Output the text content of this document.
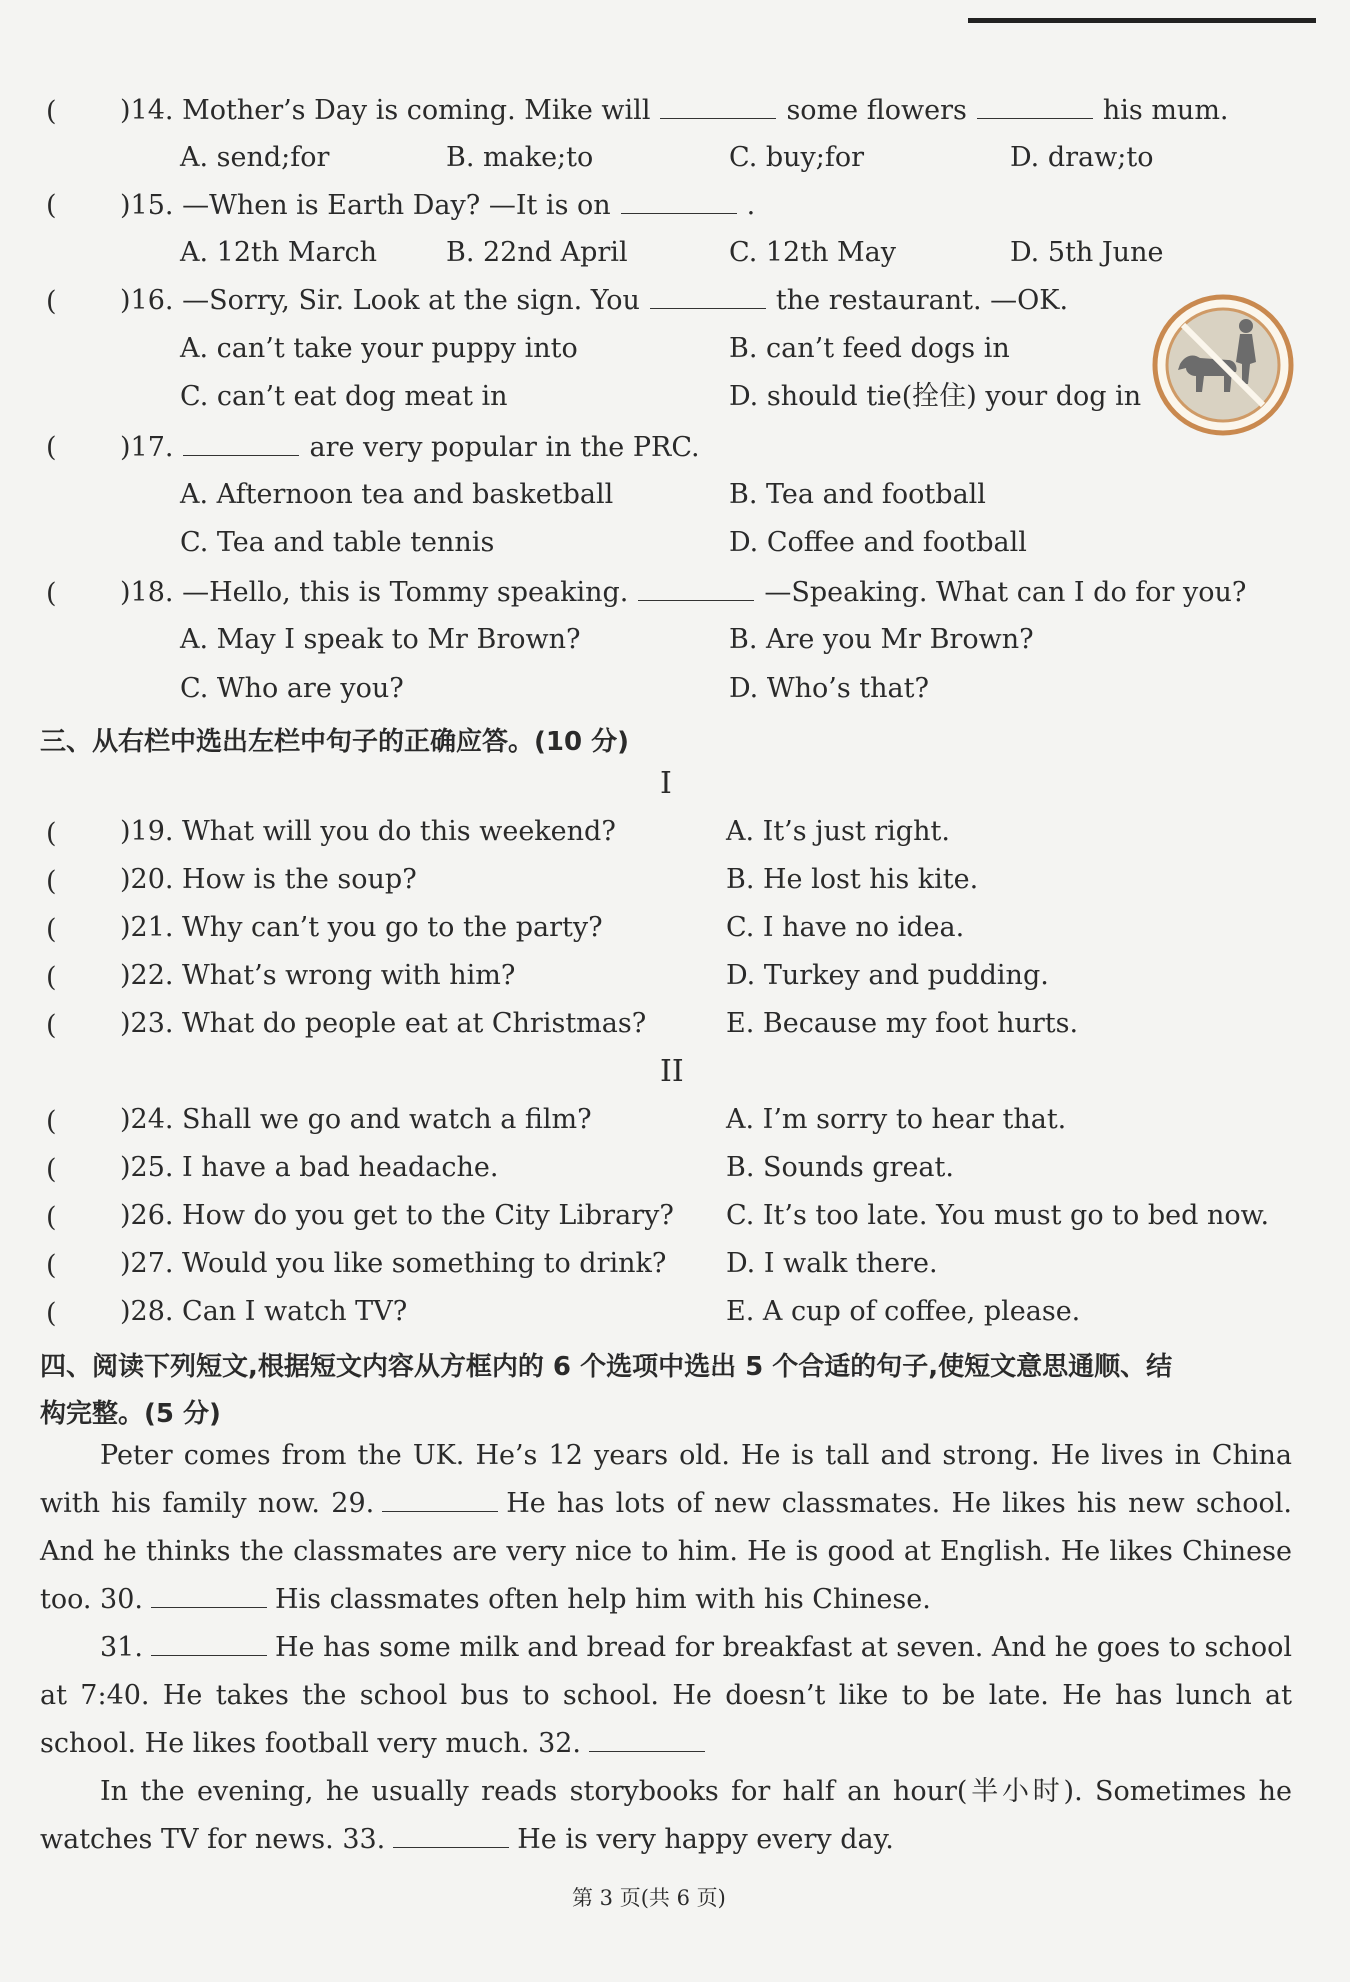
( )14. Mother’s Day is coming. Mike will	some flowers	his mum.
A. send;for	B. make;to	C. buy;for	D. draw;to
( )15. —When is Earth Day? —It is on	.
A. 12th March	B. 22nd April	C. 12th May	D. 5th June
( )16. —Sorry, Sir. Look at the sign. You	the restaurant. —OK.
A. can’t take your puppy into	B. can’t feed dogs in
C. can’t eat dog meat in	D. should tie(拴住) your dog in
( )17.	are very popular in the PRC.
A. Afternoon tea and basketball	B. Tea and football
C. Tea and table tennis	D. Coffee and football
( )18. —Hello, this is Tommy speaking.	—Speaking. What can I do for you?
A. May I speak to Mr Brown?	B. Are you Mr Brown?
C. Who are you?	D. Who’s that?
三、从右栏中选出左栏中句子的正确应答。(10 分)
I
( )19. What will you do this weekend?	A. It’s just right.
( )20. How is the soup?	B. He lost his kite.
( )21. Why can’t you go to the party?	C. I have no idea.
( )22. What’s wrong with him?	D. Turkey and pudding.
( )23. What do people eat at Christmas?	E. Because my foot hurts.
II
( )24. Shall we go and watch a film?	A. I’m sorry to hear that.
( )25. I have a bad headache.	B. Sounds great.
( )26. How do you get to the City Library? C. It’s too late. You must go to bed now.
( )27. Would you like something to drink? D. I walk there.
( )28. Can I watch TV?	E. A cup of coffee, please.
四、阅读下列短文,根据短文内容从方框内的 6 个选项中选出 5 个合适的句子,使短文意思通顺、结
构完整。(5 分)
Peter comes from the UK. He’s 12 years old. He is tall and strong. He lives in China with his family now. 29.	He has lots of new classmates. He likes his new school. And he thinks the classmates are very nice to him. He is good at English. He likes Chinese too. 30.	His classmates often help him with his Chinese.
31.	He has some milk and bread for breakfast at seven. And he goes to school at 7:40. He takes the school bus to school. He doesn’t like to be late. He has lunch at school. He likes football very much. 32.
In the evening, he usually reads storybooks for half an hour(半小时). Sometimes he watches TV for news. 33.	He is very happy every day.
第 3 页(共 6 页)
